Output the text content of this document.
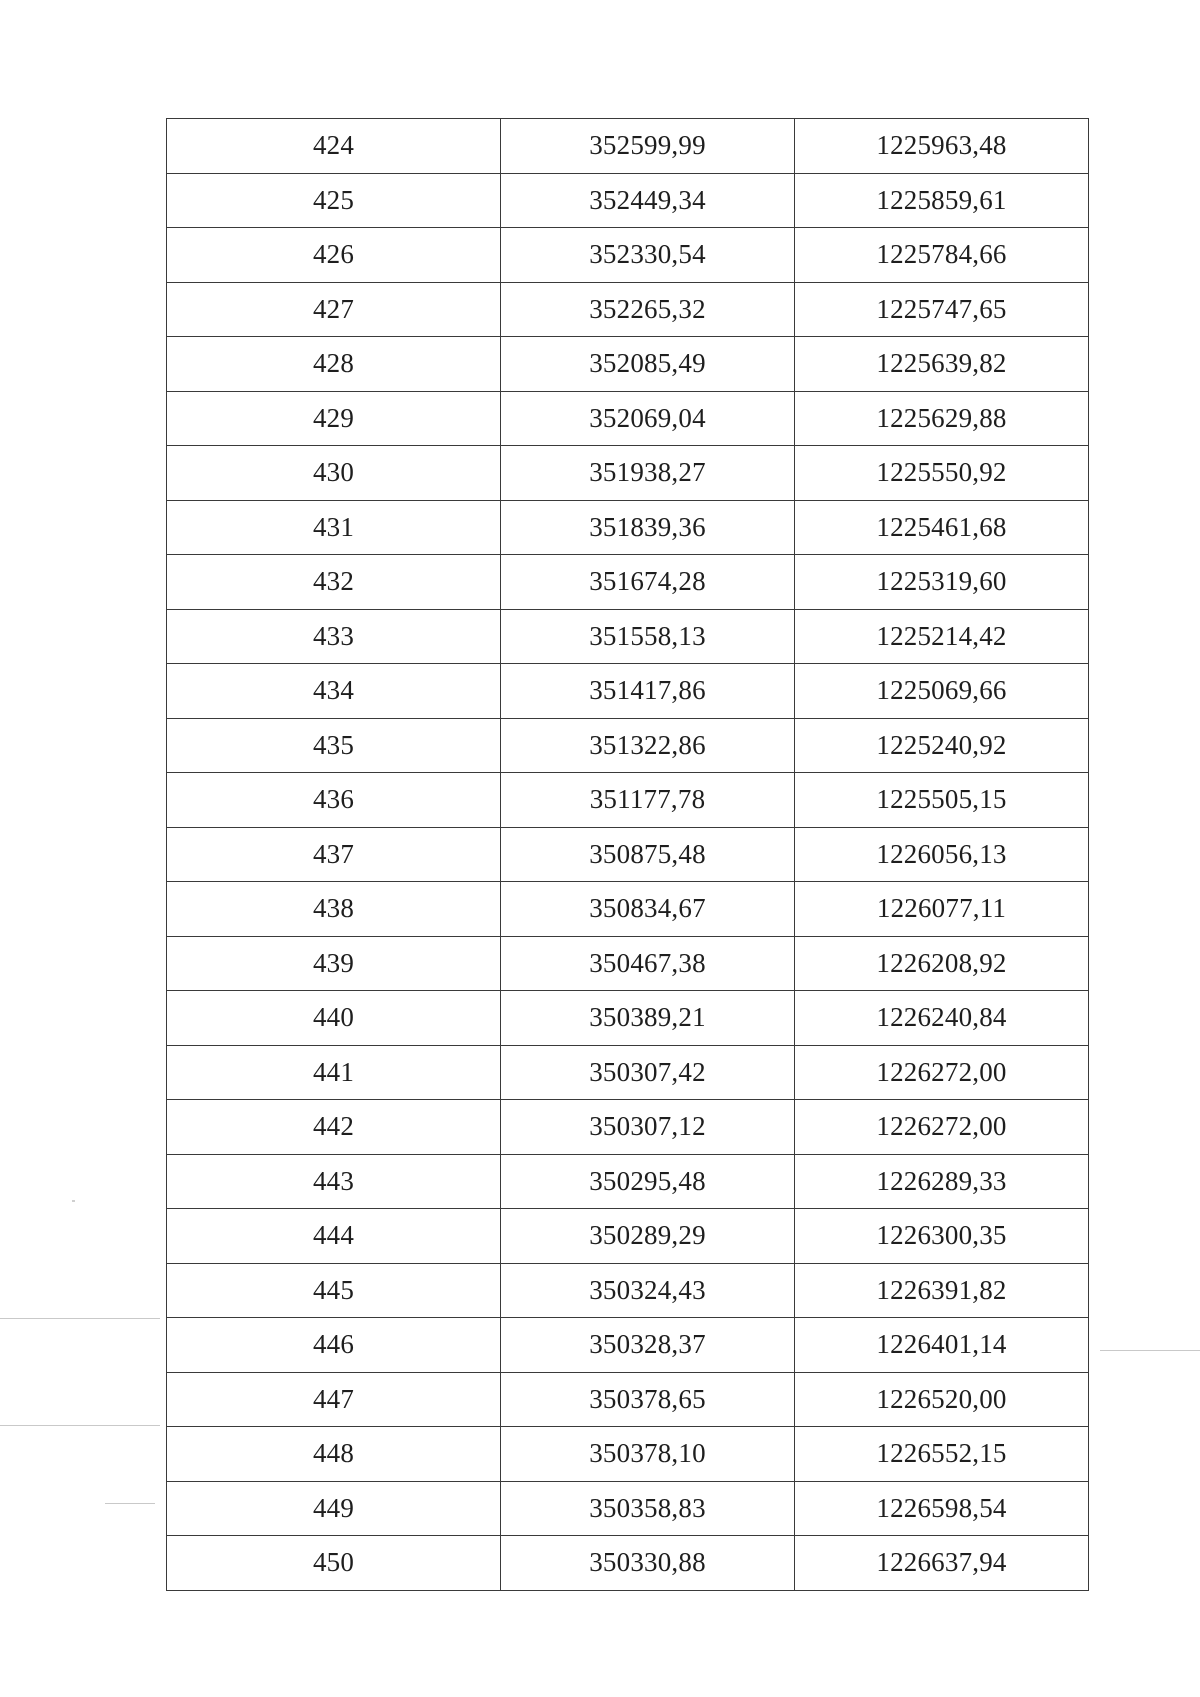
424	352599,99	1225963,48
425	352449,34	1225859,61
426	352330,54	1225784,66
427	352265,32	1225747,65
428	352085,49	1225639,82
429	352069,04	1225629,88
430	351938,27	1225550,92
431	351839,36	1225461,68
432	351674,28	1225319,60
433	351558,13	1225214,42
434	351417,86	1225069,66
435	351322,86	1225240,92
436	351177,78	1225505,15
437	350875,48	1226056,13
438	350834,67	1226077,11
439	350467,38	1226208,92
440	350389,21	1226240,84
441	350307,42	1226272,00
442	350307,12	1226272,00
443	350295,48	1226289,33
444	350289,29	1226300,35
445	350324,43	1226391,82
446	350328,37	1226401,14
447	350378,65	1226520,00
448	350378,10	1226552,15
449	350358,83	1226598,54
450	350330,88	1226637,94
